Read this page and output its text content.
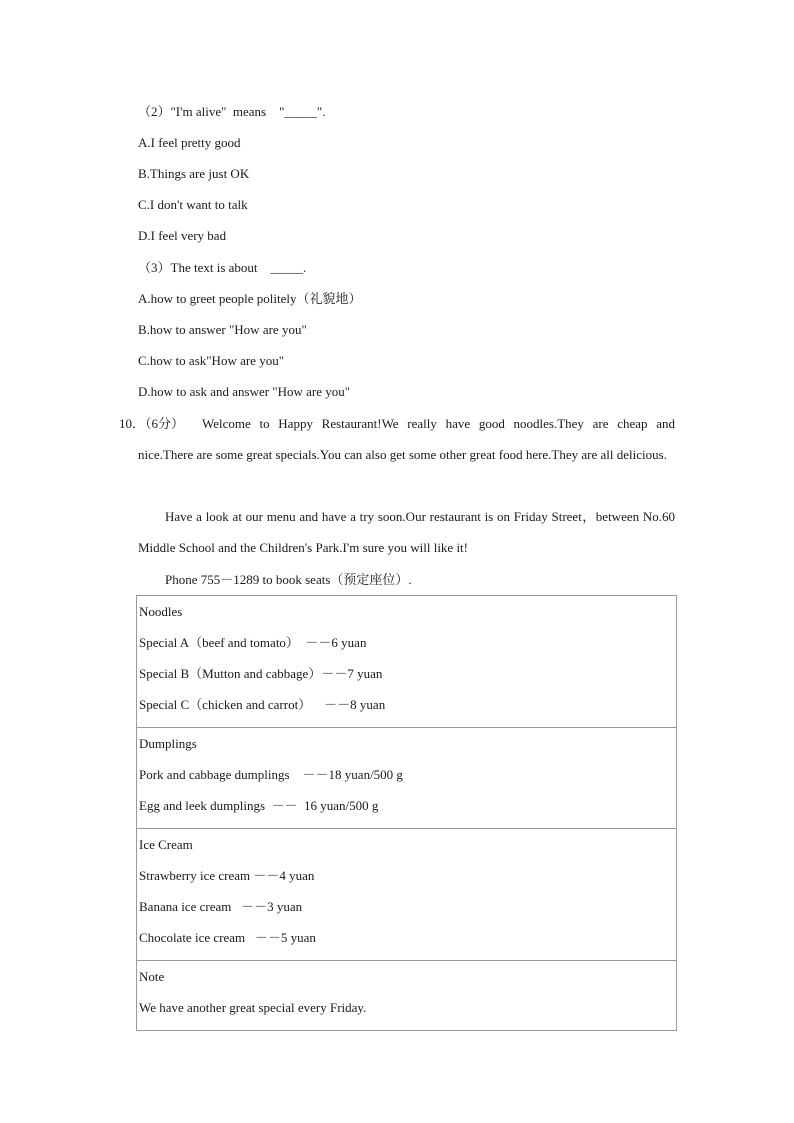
（2）"I'm alive"  means    "_____".
A.I feel pretty good
B.Things are just OK
C.I don't want to talk
D.I feel very bad
（3）The text is about    _____.
A.how to greet people politely（礼貌地）
B.how to answer "How are you"
C.how to ask"How are you"
D.how to ask and answer "How are you"
10．（6分）	Welcome to Happy Restaurant!We really have good noodles.They are cheap and nice.There are some great specials.You can also get some other great food here.They are all delicious.
Have a look at our menu and have a try soon.Our restaurant is on Friday Street，between No.60 Middle School and the Children's Park.I'm sure you will like it!
Phone 755－1289 to book seats（预定座位）.
Noodles
Special A（beef and tomato）  －－6 yuan
Special B（Mutton and cabbage）－－7 yuan
Special C（chicken and carrot）    －－8 yuan
Dumplings
Pork and cabbage dumplings    －－18 yuan/500 g
Egg and leek dumplings  －－  16 yuan/500 g
Ice Cream
Strawberry ice cream －－4 yuan
Banana ice cream   －－3 yuan
Chocolate ice cream   －－5 yuan
Note
We have another great special every Friday.
